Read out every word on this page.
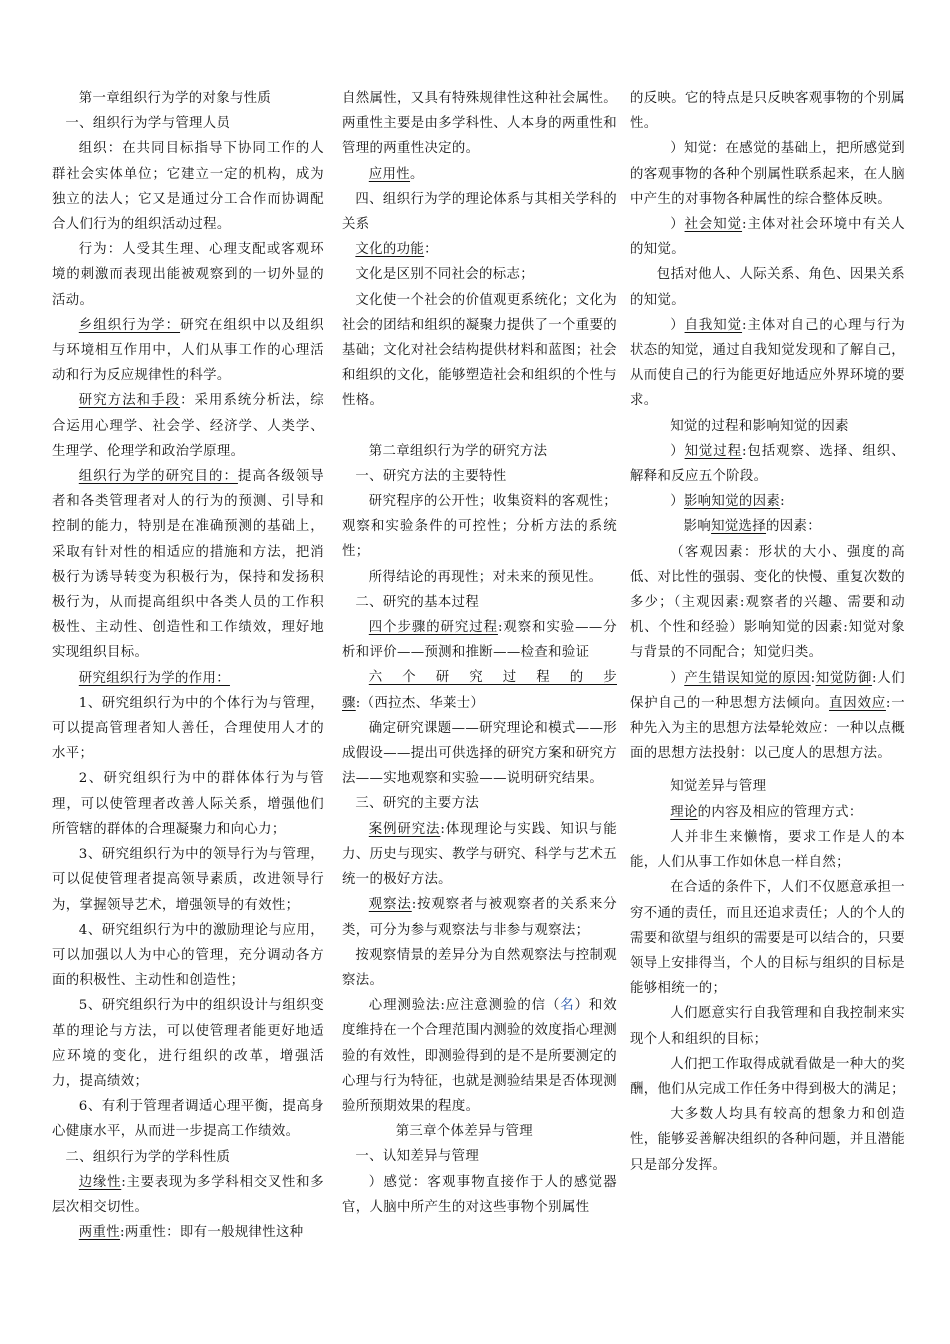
第一章组织行为学的对象与性质

一、组织行为学与管理人员

组织：在共同目标指导下协同工作的人群社会实体单位；它建立一定的机构，成为独立的法人；它又是通过分工合作而协调配合人们行为的组织活动过程。

行为：人受其生理、心理支配或客观环境的刺激而表现出能被观察到的一切外显的活动。

乡组织行为学：研究在组织中以及组织与环境相互作用中，人们从事工作的心理活动和行为反应规律性的科学。

研究方法和手段：采用系统分析法，综合运用心理学、社会学、经济学、人类学、生理学、伦理学和政治学原理。

组织行为学的研究目的：提高各级领导者和各类管理者对人的行为的预测、引导和控制的能力，特别是在准确预测的基础上，采取有针对性的相适应的措施和方法，把消极行为诱导转变为积极行为，保持和发扬积极行为，从而提高组织中各类人员的工作积极性、主动性、创造性和工作绩效，理好地实现组织目标。

研究组织行为学的作用：

1、研究组织行为中的个体行为与管理，可以提高管理者知人善任，合理使用人才的水平；

2、研究组织行为中的群体体行为与管理，可以使管理者改善人际关系，增强他们所管辖的群体的合理凝聚力和向心力；

3、研究组织行为中的领导行为与管理，可以促使管理者提高领导素质，改进领导行为，掌握领导艺术，增强领导的有效性；

4、研究组织行为中的激励理论与应用，可以加强以人为中心的管理，充分调动各方面的积极性、主动性和创造性；

5、研究组织行为中的组织设计与组织变革的理论与方法，可以使管理者能更好地适应环境的变化，进行组织的改革，增强活力，提高绩效；

6、有利于管理者调适心理平衡，提高身心健康水平，从而进一步提高工作绩效。

二、组织行为学的学科性质

边缘性:主要表现为多学科相交叉性和多层次相交切性。

两重性:两重性：即有一般规律性这种

自然属性，又具有特殊规律性这种社会属性。两重性主要是由多学科性、人本身的两重性和管理的两重性决定的。

应用性。

四、组织行为学的理论体系与其相关学科的关系

文化的功能：

文化是区别不同社会的标志；

文化使一个社会的价值观更系统化；文化为社会的团结和组织的凝聚力提供了一个重要的基础；文化对社会结构提供材料和蓝图；社会和组织的文化，能够塑造社会和组织的个性与性格。

第二章组织行为学的研究方法

一、研究方法的主要特性

研究程序的公开性；收集资料的客观性；观察和实验条件的可控性；分析方法的系统性；

所得结论的再现性；对未来的预见性。

二、研究的基本过程

四个步骤的研究过程:观察和实验——分析和评价——预测和推断——检查和验证

六个研究过程的步骤:（西拉杰、华莱士）

确定研究课题——研究理论和模式——形成假设——提出可供选择的研究方案和研究方法——实地观察和实验——说明研究结果。

三、研究的主要方法

案例研究法:体现理论与实践、知识与能力、历史与现实、教学与研究、科学与艺术五统一的极好方法。

观察法:按观察者与被观察者的关系来分类，可分为参与观察法与非参与观察法；

按观察情景的差异分为自然观察法与控制观察法。

心理测验法:应注意测验的信（名）和效度维持在一个合理范围内测验的效度指心理测验的有效性，即测验得到的是不是所要测定的心理与行为特征，也就是测验结果是否体现测验所预期效果的程度。

第三章个体差异与管理

一、认知差异与管理

）感觉：客观事物直接作于人的感觉器官，人脑中所产生的对这些事物个别属性

的反映。它的特点是只反映客观事物的个别属性。

）知觉：在感觉的基础上，把所感觉到的客观事物的各种个别属性联系起来，在人脑中产生的对事物各种属性的综合整体反映。

）社会知觉:主体对社会环境中有关人的知觉。

包括对他人、人际关系、角色、因果关系的知觉。

）自我知觉:主体对自己的心理与行为状态的知觉，通过自我知觉发现和了解自己，从而使自己的行为能更好地适应外界环境的要求。

知觉的过程和影响知觉的因素

）知觉过程:包括观察、选择、组织、解释和反应五个阶段。

）影响知觉的因素:

影响知觉选择的因素：

（客观因素：形状的大小、强度的高低、对比性的强弱、变化的快慢、重复次数的多少；（主观因素:观察者的兴趣、需要和动机、个性和经验）影响知觉的因素:知觉对象与背景的不同配合；知觉归类。

）产生错误知觉的原因:知觉防御:人们保护自己的一种思想方法倾向。直因效应:一种先入为主的思想方法晕轮效应：一种以点概面的思想方法投射：以己度人的思想方法。

知觉差异与管理

理论的内容及相应的管理方式：

人并非生来懒惰，要求工作是人的本能，人们从事工作如休息一样自然；

在合适的条件下，人们不仅愿意承担一穷不通的责任，而且还追求责任；人的个人的需要和欲望与组织的需要是可以结合的，只要领导上安排得当，个人的目标与组织的目标是能够相统一的；

人们愿意实行自我管理和自我控制来实现个人和组织的目标；

人们把工作取得成就看做是一种大的奖酬，他们从完成工作任务中得到极大的满足；

大多数人均具有较高的想象力和创造性，能够妥善解决组织的各种问题，并且潜能只是部分发挥。
